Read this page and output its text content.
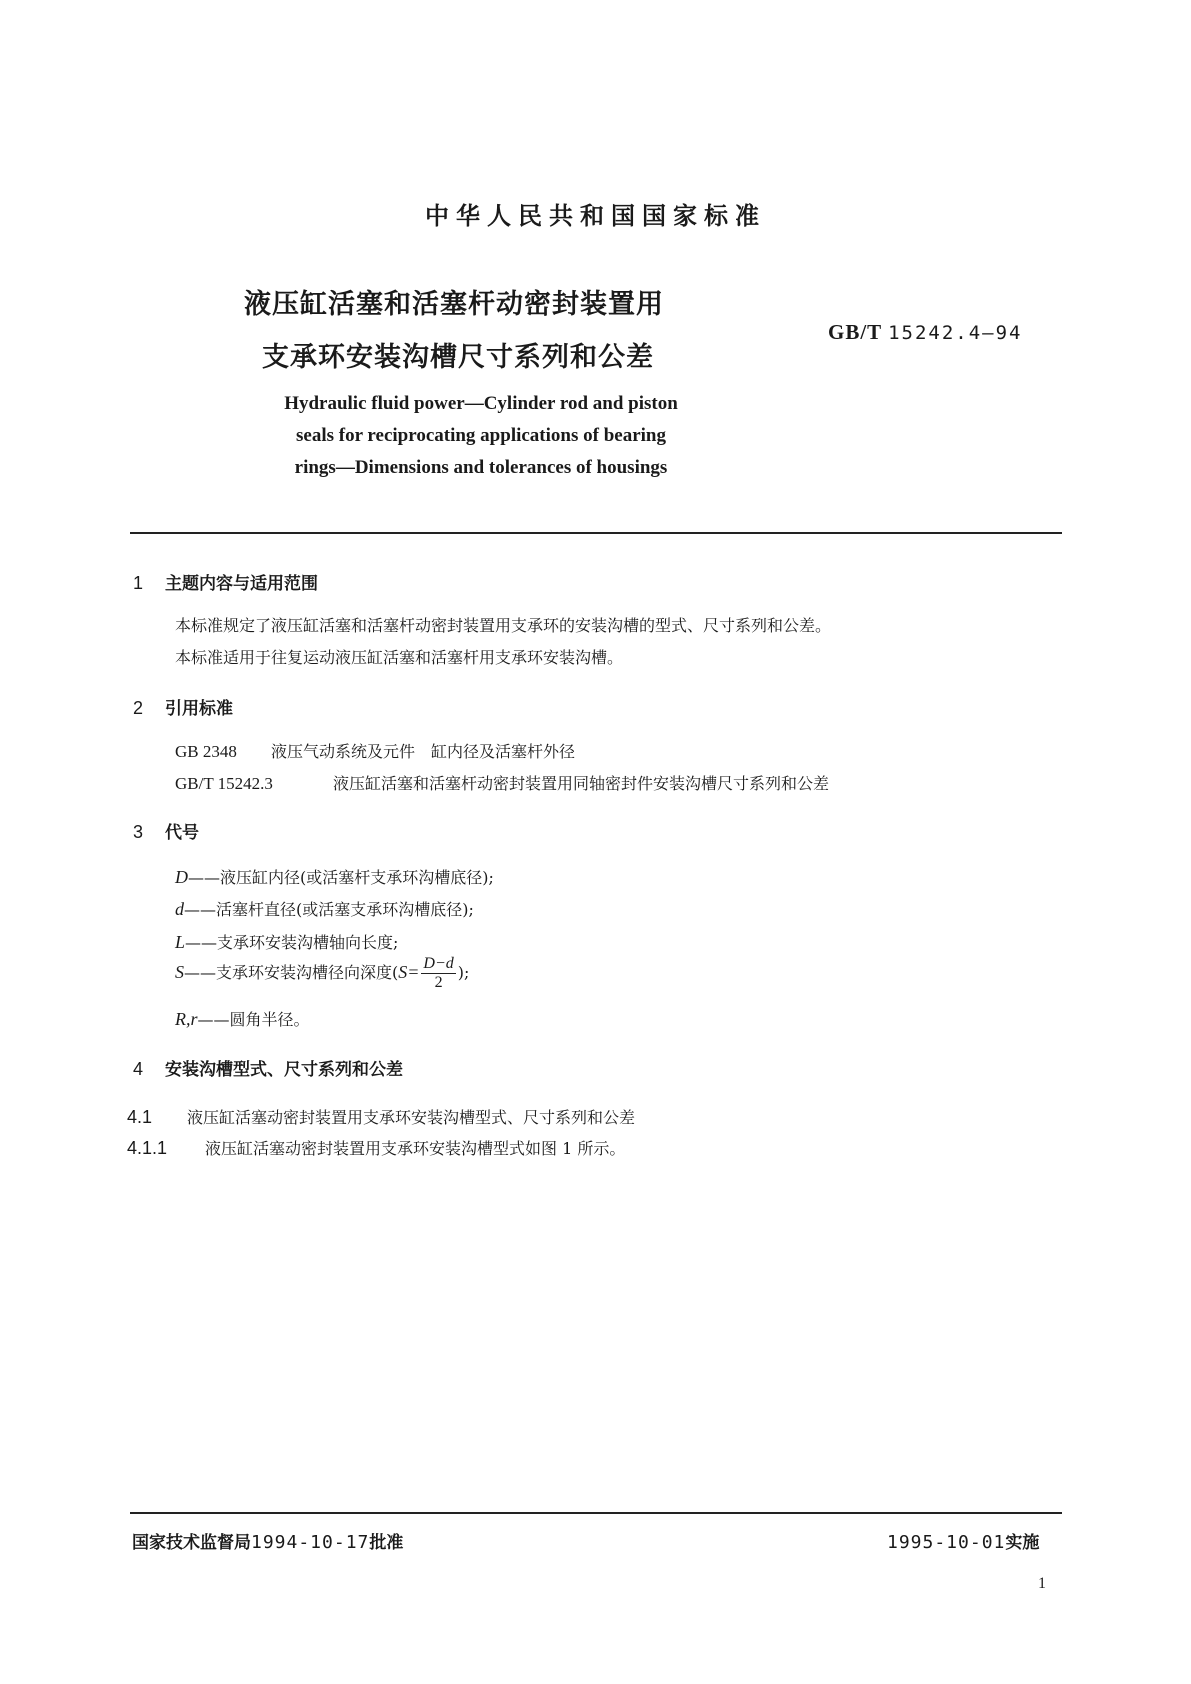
中华人民共和国国家标准
液压缸活塞和活塞杆动密封装置用
支承环安装沟槽尺寸系列和公差
GB/T 15242.4—94
Hydraulic fluid power—Cylinder rod and piston
seals for reciprocating applications of bearing
rings—Dimensions and tolerances of housings
1 主题内容与适用范围
本标准规定了液压缸活塞和活塞杆动密封装置用支承环的安装沟槽的型式、尺寸系列和公差。
本标准适用于往复运动液压缸活塞和活塞杆用支承环安装沟槽。
2 引用标准
GB 2348 液压气动系统及元件　缸内径及活塞杆外径
GB/T 15242.3	液压缸活塞和活塞杆动密封装置用同轴密封件安装沟槽尺寸系列和公差
3 代号
D——液压缸内径(或活塞杆支承环沟槽底径);
d——活塞杆直径(或活塞支承环沟槽底径);
L——支承环安装沟槽轴向长度;
S——支承环安装沟槽径向深度($S= \frac{D-d}{2}$ );
R,r——圆角半径。
4 安装沟槽型式、尺寸系列和公差
4.1 液压缸活塞动密封装置用支承环安装沟槽型式、尺寸系列和公差
4.1.1 液压缸活塞动密封装置用支承环安装沟槽型式如图 1 所示。
国家技术监督局1994-10-17批准	1995-10-01实施
1
